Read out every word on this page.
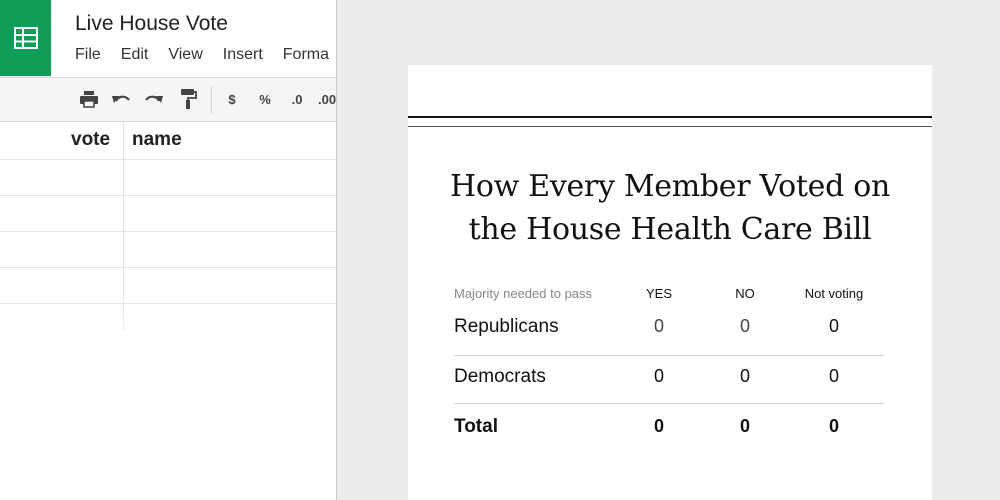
Live House Vote
File Edit View Insert Forma
$	%	.0	.00
vote name
How Every Member Voted on
the House Health Care Bill
Majority needed to pass	YES	NO	Not voting
Republicans	0	0	0
Democrats	0	0	0
Total	0	0	0
